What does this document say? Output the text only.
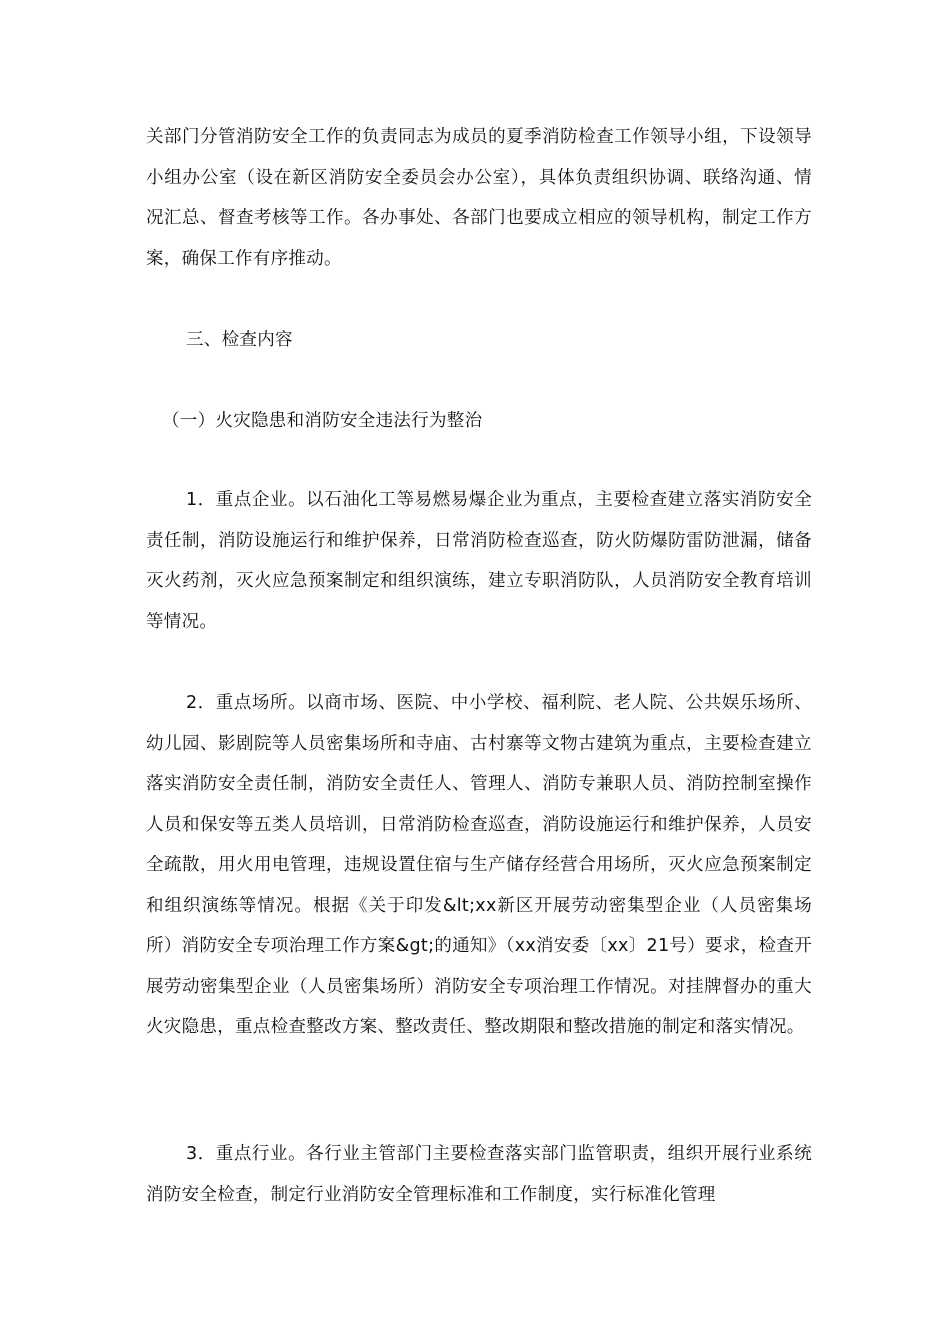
关部门分管消防安全工作的负责同志为成员的夏季消防检查工作领导小组，下设领导小组办公室（设在新区消防安全委员会办公室），具体负责组织协调、联络沟通、情况汇总、督查考核等工作。各办事处、各部门也要成立相应的领导机构，制定工作方案，确保工作有序推动。

三、检查内容

（一）火灾隐患和消防安全违法行为整治

1．重点企业。以石油化工等易燃易爆企业为重点，主要检查建立落实消防安全责任制，消防设施运行和维护保养，日常消防检查巡查，防火防爆防雷防泄漏，储备灭火药剂，灭火应急预案制定和组织演练，建立专职消防队，人员消防安全教育培训等情况。

2．重点场所。以商市场、医院、中小学校、福利院、老人院、公共娱乐场所、幼儿园、影剧院等人员密集场所和寺庙、古村寨等文物古建筑为重点，主要检查建立落实消防安全责任制，消防安全责任人、管理人、消防专兼职人员、消防控制室操作人员和保安等五类人员培训，日常消防检查巡查，消防设施运行和维护保养，人员安全疏散，用火用电管理，违规设置住宿与生产储存经营合用场所，灭火应急预案制定和组织演练等情况。根据《关于印发&lt;xx新区开展劳动密集型企业（人员密集场所）消防安全专项治理工作方案&gt;的通知》（xx消安委〔xx〕21号）要求，检查开展劳动密集型企业（人员密集场所）消防安全专项治理工作情况。对挂牌督办的重大火灾隐患，重点检查整改方案、整改责任、整改期限和整改措施的制定和落实情况。

3．重点行业。各行业主管部门主要检查落实部门监管职责，组织开展行业系统消防安全检查，制定行业消防安全管理标准和工作制度，实行标准化管理
